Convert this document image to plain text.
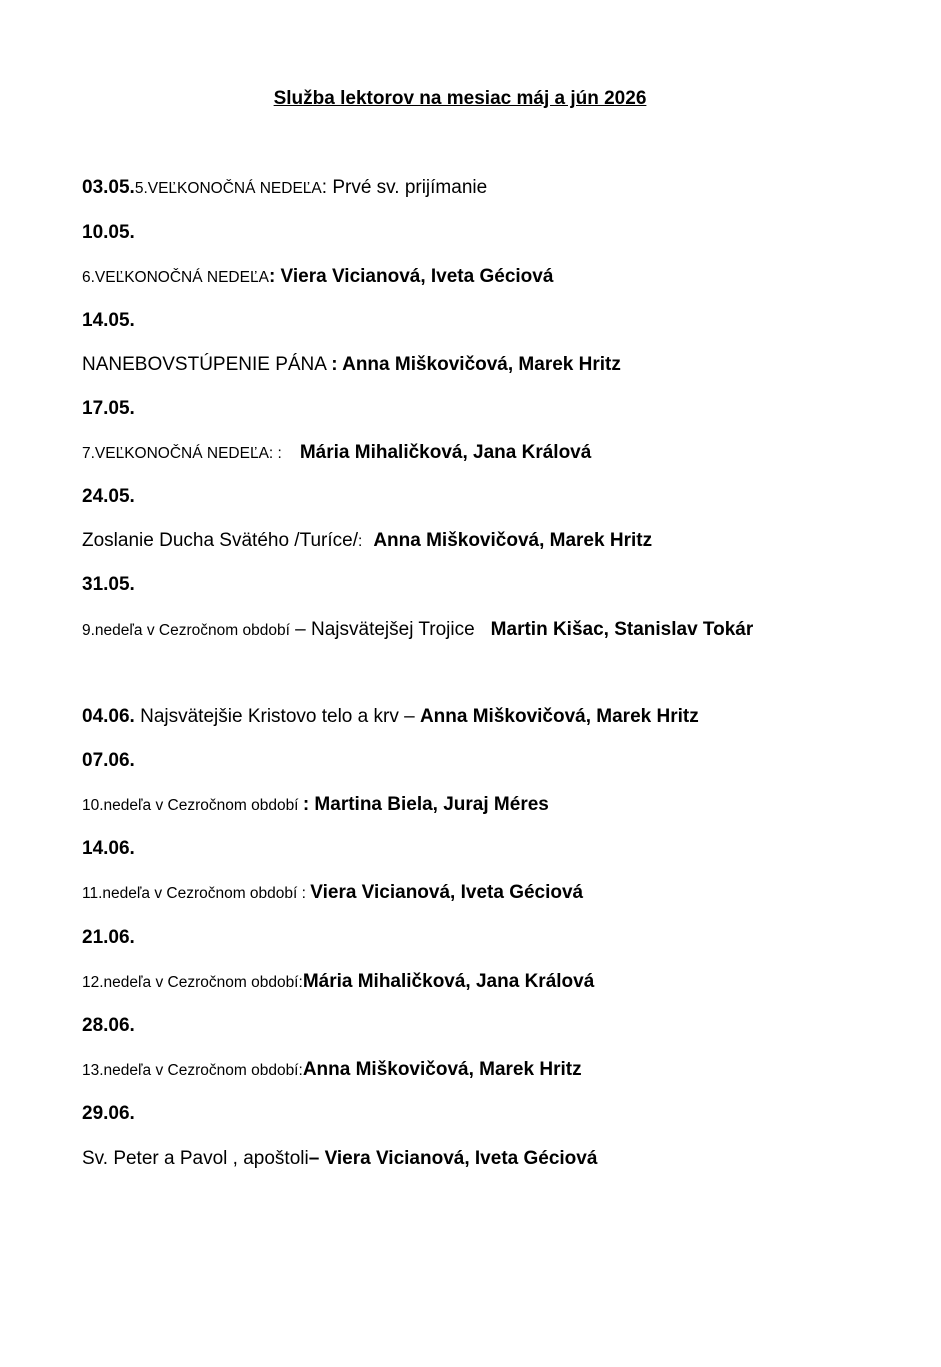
Služba lektorov na mesiac máj a jún 2026
03.05.5.VEĽKONOČNÁ NEDEĽA: Prvé sv. prijímanie
10.05.
6.VEĽKONOČNÁ NEDEĽA: Viera Vicianová, Iveta Géciová
14.05.
NANEBOVSTÚPENIE PÁNA : Anna Miškovičová, Marek Hritz
17.05.
7.VEĽKONOČNÁ NEDEĽA: : Mária Mihaličková, Jana Králová
24.05.
Zoslanie Ducha Svätého /Turíce/: Anna Miškovičová, Marek Hritz
31.05.
9.nedeľa v Cezročnom období – Najsvätejšej Trojice Martin Kišac, Stanislav Tokár
04.06. Najsvätejšie Kristovo telo a krv – Anna Miškovičová, Marek Hritz
07.06.
10.nedeľa v Cezročnom období : Martina Biela, Juraj Méres
14.06.
11.nedeľa v Cezročnom období : Viera Vicianová, Iveta Géciová
21.06.
12.nedeľa v Cezročnom období:Mária Mihaličková, Jana Králová
28.06.
13.nedeľa v Cezročnom období:Anna Miškovičová, Marek Hritz
29.06.
Sv. Peter a Pavol , apoštoli– Viera Vicianová, Iveta Géciová
